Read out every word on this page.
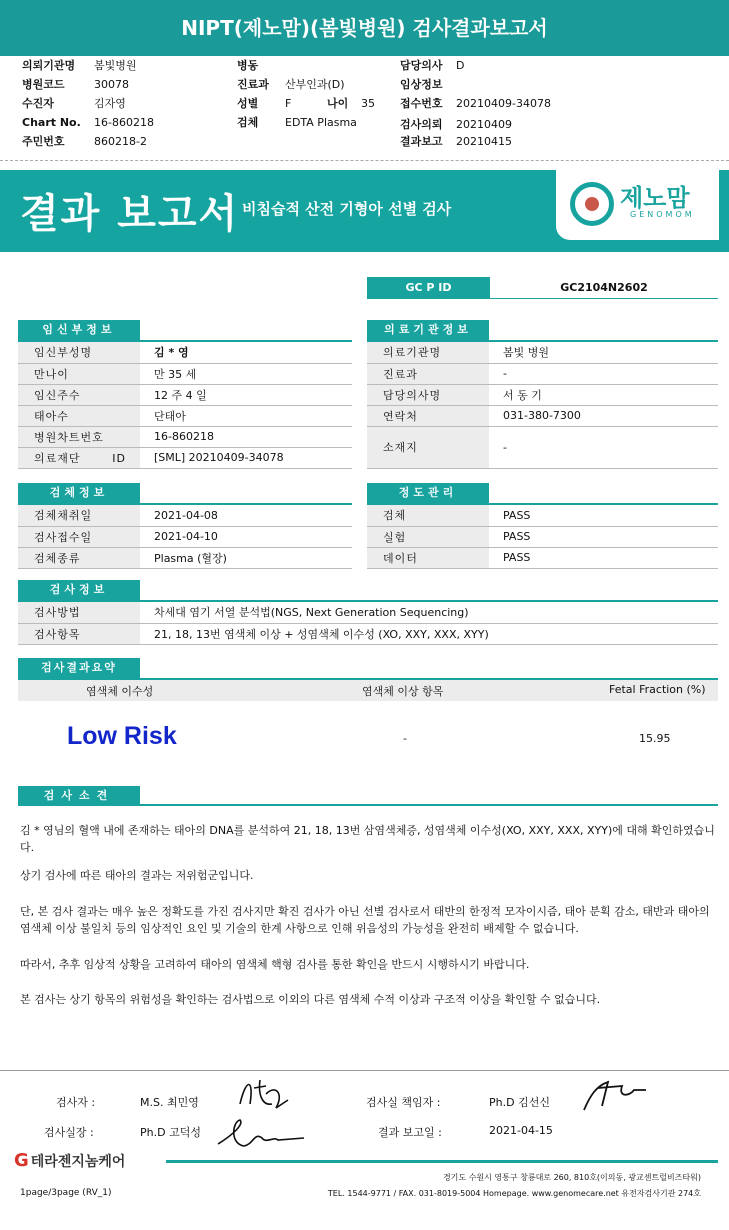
NIPT(제노맘)(봄빛병원) 검사결과보고서
의뢰기관명 봄빛병원
병원코드	30078
수진자	김자영
Chart No. 16-860218
주민번호	860218-2
병동
진료과 산부인과(D)
성별 F	나이 35
검체 EDTA Plasma
담당의사 D
임상정보
접수번호 20210409-34078
검사의뢰 20210409
결과보고 20210415
결과 보고서 비침습적 산전 기형아 선별 검사	제노맘
GENOMOM
GC P ID	GC2104N2602
임신부정보
임신부성명	김 * 영
만나이	만 35 세
임신주수	12 주 4 일
태아수	단태아
병원차트번호	16-860218
의료재단 ID	[SML] 20210409-34078
의료기관정보
의료기관명	봄빛 병원
진료과	-
담당의사명	서 동 기
연락처	031-380-7300
소재지	-
검체정보
검체채취일	2021-04-08
검사접수일	2021-04-10
검체종류	Plasma (혈장)
정도관리
검체	PASS
실험	PASS
데이터	PASS
검사정보
검사방법	차세대 염기 서열 분석법(NGS, Next Generation Sequencing)
검사항목	21, 18, 13번 염색체 이상 + 성염색체 이수성 (XO, XXY, XXX, XYY)
검사결과요약
염색체 이수성	염색체 이상 항목	Fetal Fraction (%)
Low Risk	-	15.95
검사소견
김 * 영님의 혈액 내에 존재하는 태아의 DNA를 분석하여 21, 18, 13번 삼염색체증, 성염색체 이수성(XO, XXY, XXX, XYY)에 대해 확인하였습니다.
상기 검사에 따른 태아의 결과는 저위험군입니다.
단, 본 검사 결과는 매우 높은 정확도를 가진 검사지만 확진 검사가 아닌 선별 검사로서 태반의 한정적 모자이시즘, 태아 분획 감소, 태반과 태아의 염색체 이상 불일치 등의 임상적인 요인 및 기술의 한계 사항으로 인해 위음성의 가능성을 완전히 배제할 수 없습니다.
따라서, 추후 임상적 상황을 고려하여 태아의 염색체 핵형 검사를 통한 확인을 반드시 시행하시기 바랍니다.
본 검사는 상기 항목의 위험성을 확인하는 검사법으로 이외의 다른 염색체 수적 이상과 구조적 이상을 확인할 수 없습니다.
검사자 :	M.S. 최민영	검사실 책임자 :	Ph.D 김선신
검사실장 :	Ph.D 고덕성	결과 보고일 :	2021-04-15
G 테라젠지놈케어
경기도 수원시 영통구 창룡대로 260, 810호(이의동, 광교센트럴비즈타워)
TEL. 1544-9771 / FAX. 031-8019-5004 Homepage. www.genomecare.net 유전자검사기관 274호
1page/3page (RV_1)
